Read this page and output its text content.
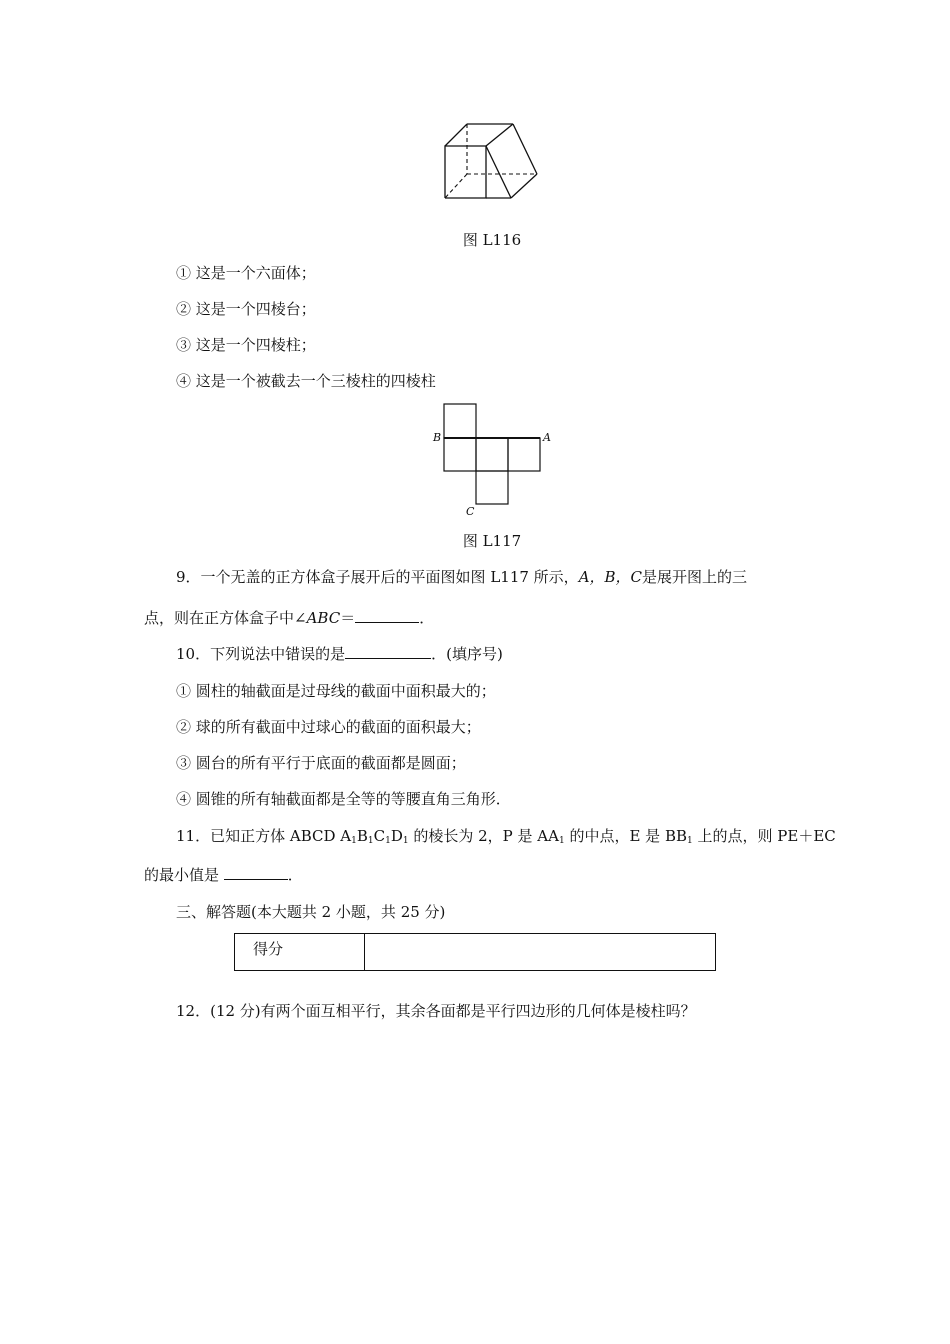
图 L116
① 这是一个六面体；
② 这是一个四棱台；
③ 这是一个四棱柱；
④ 这是一个被截去一个三棱柱的四棱柱
B	A
C
图 L117
9．一个无盖的正方体盒子展开后的平面图如图 L117 所示，A，B，C是展开图上的三
点，则在正方体盒子中∠ABC＝	．
10．下列说法中错误的是	．(填序号)
① 圆柱的轴截面是过母线的截面中面积最大的；
② 球的所有截面中过球心的截面的面积最大；
③ 圆台的所有平行于底面的截面都是圆面；
④ 圆锥的所有轴截面都是全等的等腰直角三角形．
11．已知正方体 ABCD $A_1B_1C_1D_1$ 的棱长为 2，P 是 $AA_1$ 的中点，E 是 $BB_1$ 上的点，则 PE＋EC
的最小值是	．
三、解答题(本大题共 2 小题，共 25 分)
得分	
12．(12 分)有两个面互相平行，其余各面都是平行四边形的几何体是棱柱吗？
